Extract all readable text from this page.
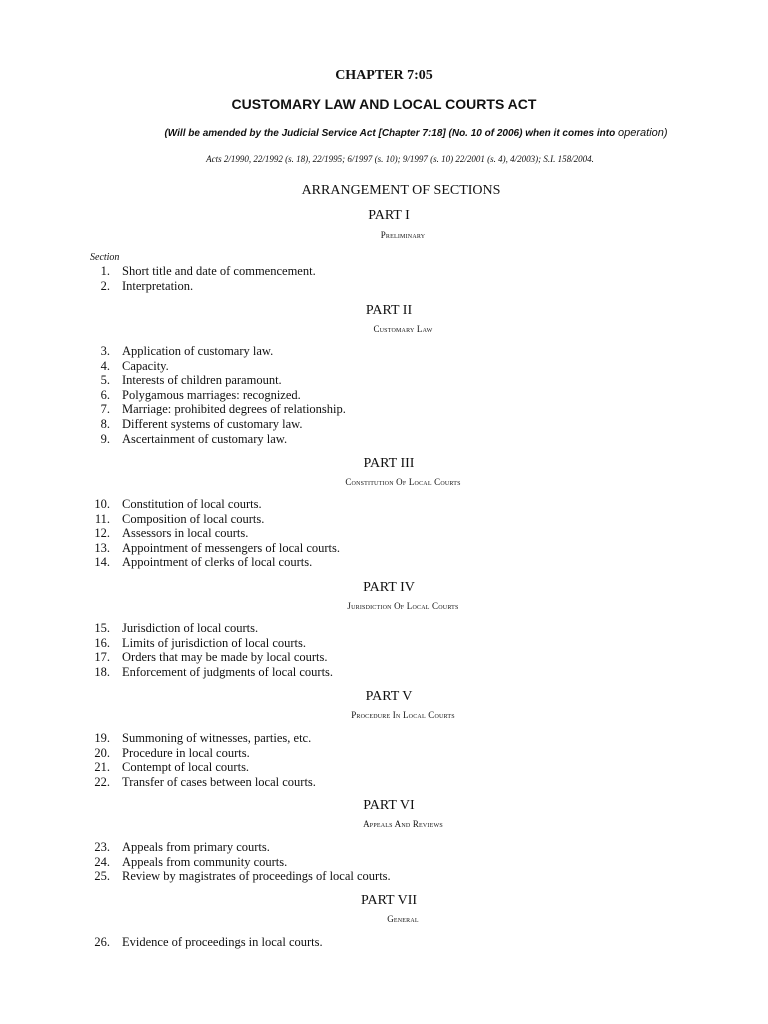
CHAPTER 7:05
CUSTOMARY LAW AND LOCAL COURTS ACT
(Will be amended by the Judicial Service Act [Chapter 7:18] (No. 10 of 2006) when it comes into operation)
Acts 2/1990, 22/1992 (s. 18), 22/1995; 6/1997 (s. 10); 9/1997 (s. 10) 22/2001 (s. 4), 4/2003); S.I. 158/2004.
ARRANGEMENT OF SECTIONS
PART I
Preliminary
Section
1. Short title and date of commencement.
2. Interpretation.
PART II
Customary Law
3. Application of customary law.
4. Capacity.
5. Interests of children paramount.
6. Polygamous marriages: recognized.
7. Marriage: prohibited degrees of relationship.
8. Different systems of customary law.
9. Ascertainment of customary law.
PART III
Constitution Of Local Courts
10. Constitution of local courts.
11. Composition of local courts.
12. Assessors in local courts.
13. Appointment of messengers of local courts.
14. Appointment of clerks of local courts.
PART IV
Jurisdiction Of Local Courts
15. Jurisdiction of local courts.
16. Limits of jurisdiction of local courts.
17. Orders that may be made by local courts.
18. Enforcement of judgments of local courts.
PART V
Procedure In Local Courts
19. Summoning of witnesses, parties, etc.
20. Procedure in local courts.
21. Contempt of local courts.
22. Transfer of cases between local courts.
PART VI
Appeals And Reviews
23. Appeals from primary courts.
24. Appeals from community courts.
25. Review by magistrates of proceedings of local courts.
PART VII
General
26. Evidence of proceedings in local courts.
